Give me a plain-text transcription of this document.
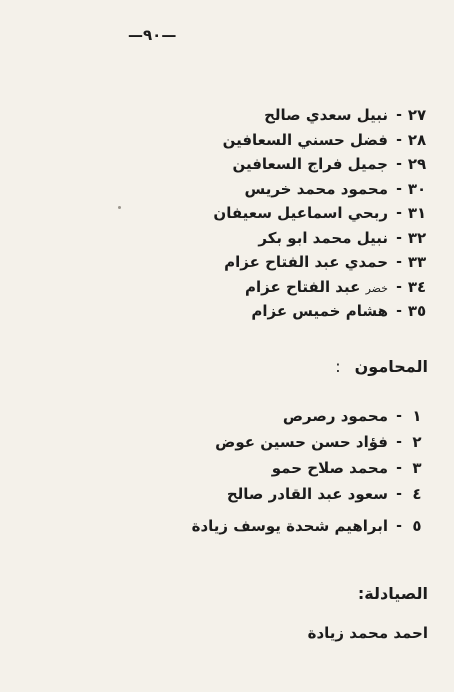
—٩٠—
٢٧
-
نبيل سعدي صالح
٢٨
-
فضل حسني السعافين
٢٩
-
جميل فراج السعافين
٣٠
-
محمود محمد خريس
٣١
-
ربحي اسماعيل سعيفان
٣٢
-
نبيل محمد ابو بكر
٣٣
-
حمدي عبد الفتاح عزام
٣٤
-
خضر عبد الفتاح عزام
٣٥
-
هشام خميس عزام
المحامون:
١
-
محمود رصرص
٢
-
فؤاد حسن حسين عوض
٣
-
محمد صلاح حمو
٤
-
سعود عبد القادر صالح
٥
-
ابراهيم شحدة يوسف زيادة
الصيادلة:
احمد محمد زيادة
